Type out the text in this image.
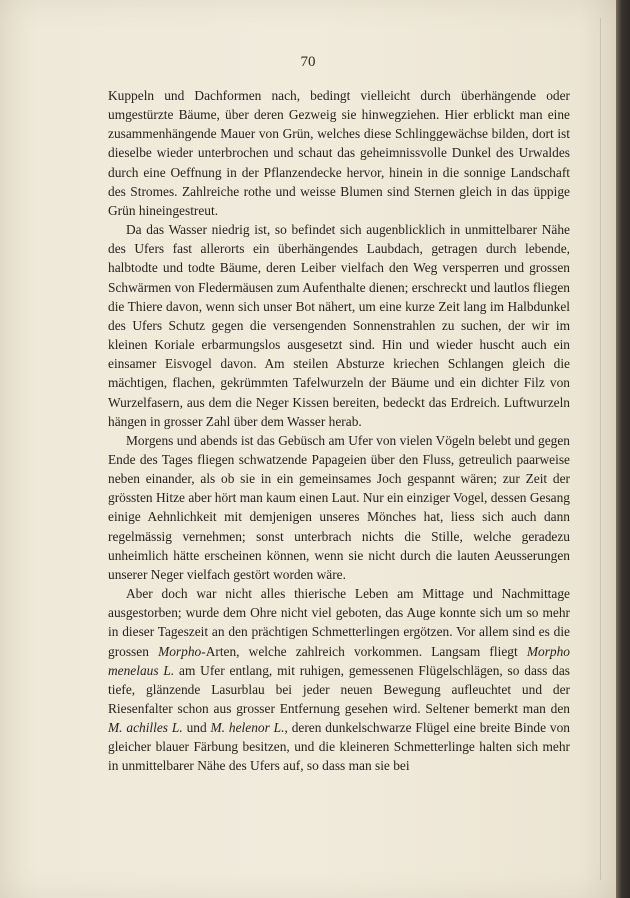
70

Kuppeln und Dachformen nach, bedingt vielleicht durch überhängende oder umgestürzte Bäume, über deren Gezweig sie hinwegziehen. Hier erblickt man eine zusammenhängende Mauer von Grün, welches diese Schlinggewächse bilden, dort ist dieselbe wieder unterbrochen und schaut das geheimnissvolle Dunkel des Urwaldes durch eine Oeffnung in der Pflanzendecke hervor, hinein in die sonnige Landschaft des Stromes. Zahlreiche rothe und weisse Blumen sind Sternen gleich in das üppige Grün hineingestreut.

Da das Wasser niedrig ist, so befindet sich augenblicklich in unmittelbarer Nähe des Ufers fast allerorts ein überhängendes Laubdach, getragen durch lebende, halbtodte und todte Bäume, deren Leiber vielfach den Weg versperren und grossen Schwärmen von Fledermäusen zum Aufenthalte dienen; erschreckt und lautlos fliegen die Thiere davon, wenn sich unser Bot nähert, um eine kurze Zeit lang im Halbdunkel des Ufers Schutz gegen die versengenden Sonnenstrahlen zu suchen, der wir im kleinen Koriale erbarmungslos ausgesetzt sind. Hin und wieder huscht auch ein einsamer Eisvogel davon. Am steilen Absturze kriechen Schlangen gleich die mächtigen, flachen, gekrümmten Tafelwurzeln der Bäume und ein dichter Filz von Wurzelfasern, aus dem die Neger Kissen bereiten, bedeckt das Erdreich. Luftwurzeln hängen in grosser Zahl über dem Wasser herab.

Morgens und abends ist das Gebüsch am Ufer von vielen Vögeln belebt und gegen Ende des Tages fliegen schwatzende Papageien über den Fluss, getreulich paarweise neben einander, als ob sie in ein gemeinsames Joch gespannt wären; zur Zeit der grössten Hitze aber hört man kaum einen Laut. Nur ein einziger Vogel, dessen Gesang einige Aehnlichkeit mit demjenigen unseres Mönches hat, liess sich auch dann regelmässig vernehmen; sonst unterbrach nichts die Stille, welche geradezu unheimlich hätte erscheinen können, wenn sie nicht durch die lauten Aeusserungen unserer Neger vielfach gestört worden wäre.

Aber doch war nicht alles thierische Leben am Mittage und Nachmittage ausgestorben; wurde dem Ohre nicht viel geboten, das Auge konnte sich um so mehr in dieser Tageszeit an den prächtigen Schmetterlingen ergötzen. Vor allem sind es die grossen Morpho-Arten, welche zahlreich vorkommen. Langsam fliegt Morpho menelaus L. am Ufer entlang, mit ruhigen, gemessenen Flügelschlägen, so dass das tiefe, glänzende Lasurblau bei jeder neuen Bewegung aufleuchtet und der Riesenfalter schon aus grosser Entfernung gesehen wird. Seltener bemerkt man den M. achilles L. und M. helenor L., deren dunkelschwarze Flügel eine breite Binde von gleicher blauer Färbung besitzen, und die kleineren Schmetterlinge halten sich mehr in unmittelbarer Nähe des Ufers auf, so dass man sie bei
